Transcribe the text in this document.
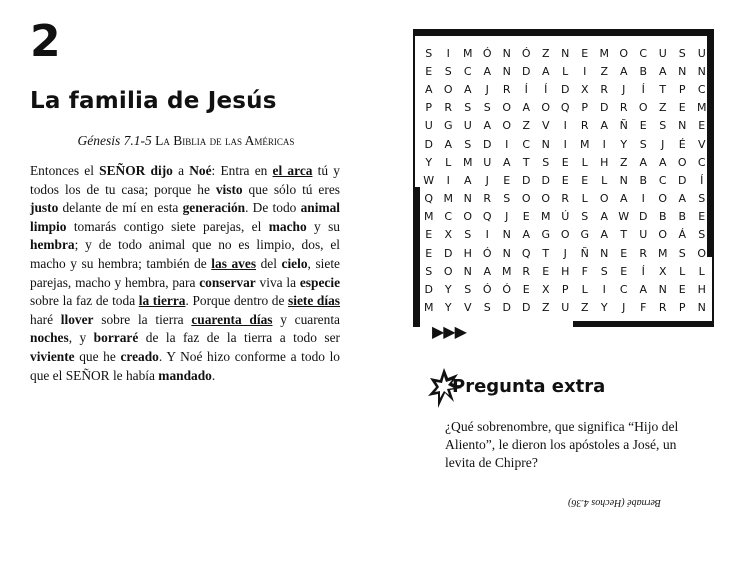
2
La familia de Jesús
Génesis 7.1-5 La Biblia de las Américas
Entonces el SEÑOR dijo a Noé: Entra en el arca tú y todos los de tu casa; porque he visto que sólo tú eres justo delante de mí en esta generación. De todo animal limpio tomarás contigo siete parejas, el macho y su hembra; y de todo animal que no es limpio, dos, el macho y su hembra; también de las aves del cielo, siete parejas, macho y hembra, para conservar viva la especie sobre la faz de toda la tierra. Porque dentro de siete días haré llover sobre la tierra cuarenta días y cuarenta noches, y borraré de la faz de la tierra a todo ser viviente que he creado. Y Noé hizo conforme a todo lo que el SEÑOR le había mandado.
S	I	M	Ó	N	Ó	Z	N	E	M	O	C	U	S	U
E	S	C	A	N	D	A	L	I	Z	A	B	A	N	N
A	O	A	J	R	Í	Í	D	X	R	J	Í	T	P	C
P	R	S	S	O	A	O	Q	P	D	R	O	Z	E	M
U	G	U	A	O	Z	V	I	R	A	Ñ	E	S	N	E
D	A	S	D	I	C	N	I	M	I	Y	S	J	É	V
Y	L	M	U	A	T	S	E	L	H	Z	A	A	O	C
W	I	A	J	E	D	D	E	E	L	N	B	C	D	Í
Q	M	N	R	S	O	O	R	L	O	A	I	O	A	S
M	C	O	Q	J	E	M	Ú	S	A	W	D	B	B	E
E	X	S	I	N	A	G	O	G	A	T	U	O	Á	S
E	D	H	Ó	N	Q	T	J	Ñ	N	E	R	M	S	O
S	O	N	A	M	R	E	H	F	S	E	Í	X	L	L
D	Y	S	Ó	Ó	E	X	P	L	I	C	A	N	E	H
M	Y	V	S	D	D	Z	U	Z	Y	J	F	R	P	N
▶▶▶
Pregunta extra
¿Qué sobrenombre, que significa “Hijo del Aliento”, le dieron los apóstoles a José, un levita de Chipre?
Bernabé (Hechos 4.36)
